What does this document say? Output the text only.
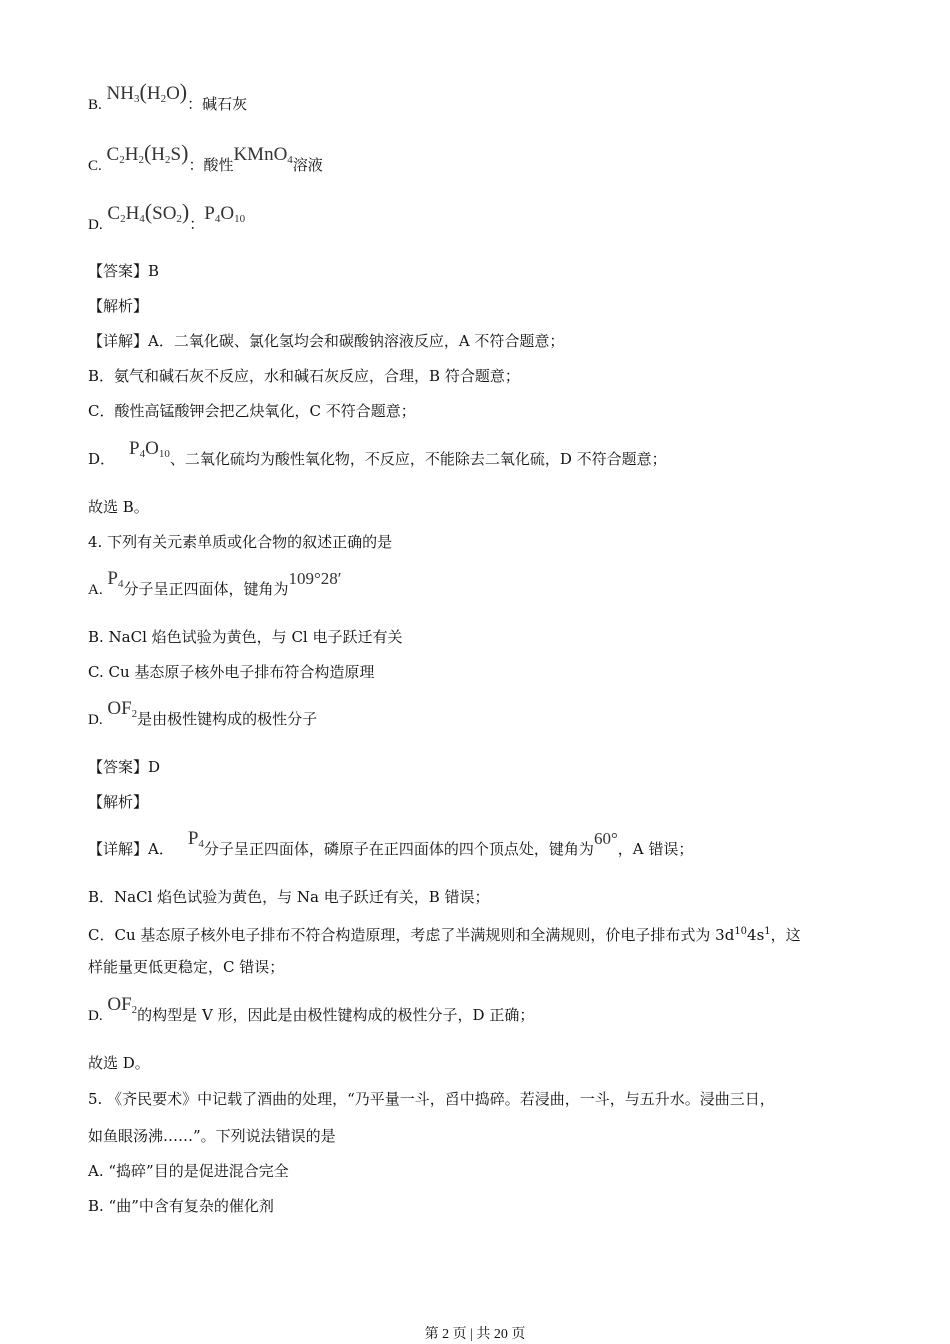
B. $NH_3(H_2O)$：碱石灰
C. $C_2H_2(H_2S)$：酸性KMnO$_4$溶液
D. $C_2H_4(SO_2)$：$P_4O_{10}$
【答案】B
【解析】
【详解】A．二氧化碳、氯化氢均会和碳酸钠溶液反应，A 不符合题意；
B．氨气和碱石灰不反应，水和碱石灰反应，合理，B 符合题意；
C．酸性高锰酸钾会把乙炔氧化，C 不符合题意；
D． $P_4O_{10}$、二氧化硫均为酸性氧化物，不反应，不能除去二氧化硫，D 不符合题意；
故选 B。
4. 下列有关元素单质或化合物的叙述正确的是
A. $P_4$分子呈正四面体，键角为109°28′
B. NaCl 焰色试验为黄色，与 Cl 电子跃迁有关
C. Cu 基态原子核外电子排布符合构造原理
D. $OF_2$是由极性键构成的极性分子
【答案】D
【解析】
【详解】A． $P_4$分子呈正四面体，磷原子在正四面体的四个顶点处，键角为60°，A 错误；
B．NaCl 焰色试验为黄色，与 Na 电子跃迁有关，B 错误；
C．Cu 基态原子核外电子排布不符合构造原理，考虑了半满规则和全满规则，价电子排布式为 $3d^{10}4s^1$，这
样能量更低更稳定，C 错误；
D. $OF_2$的构型是 V 形，因此是由极性键构成的极性分子，D 正确；
故选 D。
5. 《齐民要术》中记载了酒曲的处理，“乃平量一斗，舀中捣碎。若浸曲，一斗，与五升水。浸曲三日，
如鱼眼汤沸……”。下列说法错误的是
A. “捣碎”目的是促进混合完全
B. “曲”中含有复杂的催化剂
第 2 页 | 共 20 页
